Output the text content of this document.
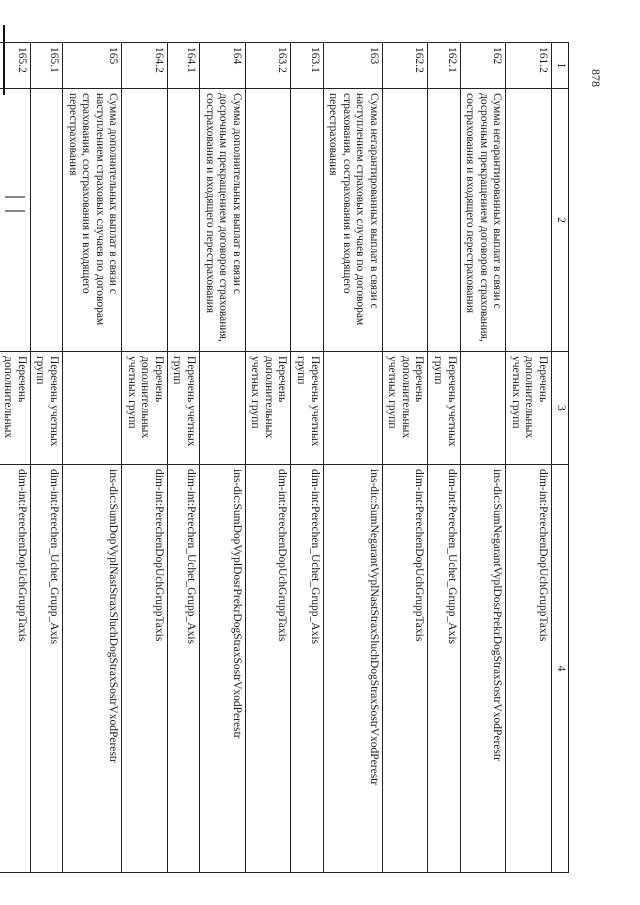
878
1	2	3	4
161.2		Перечень дополнительных учетных групп	dim-int:PerechenDopUchGruppTaxis
162	Сумма негарантированных выплат в связи с досрочным прекращением договоров страхования, сострахования и входящего перестрахования		ins-dic:SumNegarantVyplDosrPrekrDogStraxSostrVxodPerestr
162.1		Перечень учетных групп	dim-int:Perechen_Uchet_Grupp_Axis
162.2		Перечень дополнительных учетных групп	dim-int:PerechenDopUchGruppTaxis
163	Сумма негарантированных выплат в связи с наступлением страховых случаев по договорам страхования, сострахования и входящего перестрахования		ins-dic:SumNegarantVyplNastStraxSluchDogStraxSostrVxodPerestr
163.1		Перечень учетных групп	dim-int:Perechen_Uchet_Grupp_Axis
163.2		Перечень дополнительных учетных групп	dim-int:PerechenDopUchGruppTaxis
164	Сумма дополнительных выплат в связи с досрочным прекращением договоров страхования, сострахования и входящего перестрахования		ins-dic:SumDopVyplDosrPrekrDogStraxSostrVxodPerestr
164.1		Перечень учетных групп	dim-int:Perechen_Uchet_Grupp_Axis
164.2		Перечень дополнительных учетных групп	dim-int:PerechenDopUchGruppTaxis
165	Сумма дополнительных выплат в связи с наступлением страховых случаев по договорам страхования, сострахования и входящего перестрахования		ins-dic:SumDopVyplNastStraxSluchDogStraxSostrVxodPerestr
165.1		Перечень учетных групп	dim-int:Perechen_Uchet_Grupp_Axis
165.2		Перечень дополнительных	dim-int:PerechenDopUchGruppTaxis
